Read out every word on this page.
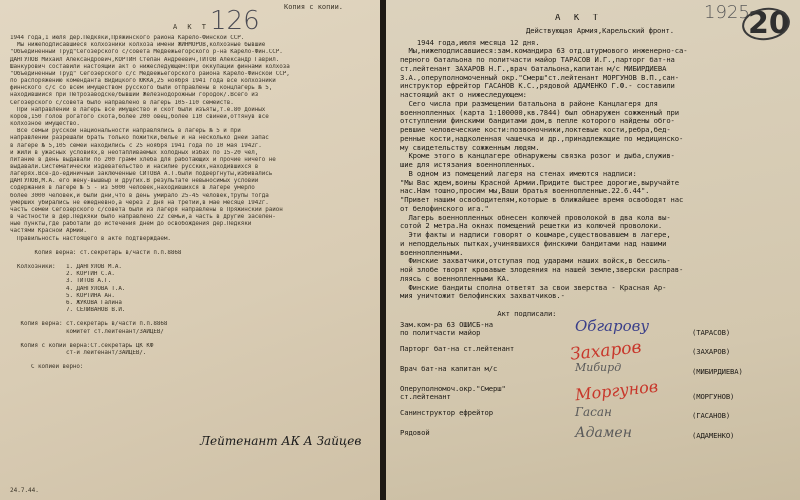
Копия с копии.
126
А К Т
1944 года,1 июля дер.Педкяки,Пряжинского района Карело-Финской ССР.
Мы нижеподписавшиеся колхозники колхоза имени ЖИНМОРОВ,колхозные бывшие
"Объединенный Труд"Сегозерского с/совета Медвежьегорского р-на Карело-Фин.ССР.
ДАНГУЛОВ Михаил Александрович,КОРТИН Степан Андреевич,ТИТОВ Александр Гаврил.
Шанкурович составили настоящий акт о нижеследующем:При оккупации финнами колхоза
"Объединенный Труд" Сегозерского с/с Медвежьегорского района Карело-Финской ССР,
по распоряжению коменданта Видицкого ЮККА,25 ноября 1941 года все колхозники
финнского с/с со всем имуществом русского были отправлены в концлагерь № 5,
находившийся при Петрозаводске/бывший Железнодорожный городок/.Всего из
Сегозерского с/совета было направлено в лагерь 105-110 семейств.
При направлении в лагерь все имущество и скот были изъяты,т.е.80 дойных
коров,150 голов рогатого скота,более 200 овец,более 110 свиней,оттянув все
колхозное имущество.
Все семьи русской национальности направлялись в лагерь № 5 и при
направлении разрешали брать только пожитки,белье и на несколько дней запас
в лагере № 5,105 семей находились с 25 ноября 1941 года по 10 мая 1942г.
и жили в ужасных условиях,в неотапливаемых холодных избах по 15-20 чел,
питание в день выдавали по 200 грамм хлеба для работающих и прочие ничего не
выдавали.Систематически издевательство и насилие русских,находившихся в
лагерях.Все-до-единичный заключенные СИТОВА А.Т.были подвергнуты,избивались
ДАНГУЛОВ,М.А. его жену-вышвыр и других.В результате невыносимых условий
содержания в лагере № 5 - из 5000 человек,находившихся в лагере умерло
более 3000 человек,и были дни,что в день умирало 25-45 человек,трупы тогда
умерших убирались не ежедневно,а через 2 дня на третий,в мае месяце 1942г.
часть семей Сегозерского с/совета были из лагеря направлены в Пряжинский район
в частности в дер.Педкяки было направлено 22 семьи,а часть в другие заселен-
ные пункты,где работали до истечения днем до освобождения дер.Педкяки
частями Красной Армии.
Правильность настоящего в акте подтверждаем.

Копия верна: ст.секретарь в/части п.п.8868

Колхозники:   1. ДАНГУЛОВ М.А.
2. КОРТИН С.А.
3. ТИТОВ А.Г.
4. ДАНГУЛОВА Т.А.
5. КОРТИНА Ан.
6. ЖУКОВА Галина
7. СЕЛИВАНОВ В.И.

Копия верна: ст.секретарь в/части п.п.8868
комитет ст.лейтенант/ЗАЙЦЕВ/

Копия с копии верна:Ст.секретарь ЦК КФ
ст-й лейтенант/ЗАЙЦЕВ/.

С копией верно:
Лейтенант АК А Зайцев
24.7.44.
1925
20
А К Т
Действующая Армия,Карельский фронт.
1944 года,июля месяца 12 дня.
Мы,нижеподписавшиеся:зам.командира 63 отд.штурмового инженерно-са-
перного батальона по политчасти майор ТАРАСОВ И.Г.,парторг бат-на
ст.лейтенант ЗАХАРОВ Н.Г.,врач батальона,капитан м/с МИБИРДИЕВА
З.А.,оперуполномоченный окр."Смерш"ст.лейтенант МОРГУНОВ В.П.,сан-
инструктор ефрейтор ГАСАНОВ К.С.,рядовой АДАМЕНКО Г.Ф.- составили
настоящий акт о нижеследующем:
Сего числа при размещении батальона в районе Канцлагеря для
военнопленных (карта 1:100000,кв.7844) был обнаружен сожженный при
отступлении финскими бандитами дом,в пепле которого найдены обго-
ревшие человеческие кости:позвоночники,локтевые кости,ребра,бед-
ренные кости,надколенная чашечка и др.,принадлежащие по медицинско-
му свидетельству сожженным людям.
Кроме этого в канцлагере обнаружены связка розог и дыба,служив-
шие для истязания военнопленных.
В одном из помещений лагеря на стенах имеются надписи:
"Мы Вас ждем,воины Красной Армии.Придите быстрее дорогие,выручайте
нас.Нам тошно,просим мы,Ваши братья военнопленные.22.6.44".
"Привет нашим освободителям,которые в ближайшее время освободят нас
от белофинского ига."
Лагерь военнопленных обнесен колючей проволокой в два кола вы-
сотой 2 метра.На окнах помещений решетки из колючей проволоки.
Эти факты и надписи говорят о кошмаре,существовавшем в лагере,
и неподдельных пытках,учинявшихся финскими бандитами над нашими
военнопленными.
Финские захватчики,отступая под ударами наших войск,в бессиль-
ной злобе творят кровавые злодеяния на нашей земле,зверски расправ-
ляясь с военнопленными КА.
Финские бандиты сполна ответят за свои зверства - Красная Ар-
мия уничтожит белофинских захватчиков.-

Акт подписали:
Зам.ком-ра 63 ОШИСБ-на
по политчасти майор	(ТАРАСОВ)
Обгарову
Парторг бат-на ст.лейтенант	(ЗАХАРОВ)
Захаров
Врач бат-на капитан м/с	(МИБИРДИЕВА)
Мибирд
Оперуполномоч.окр."Смерш"
ст.лейтенант	(МОРГУНОВ)
Моргунов
Санинструктор ефрейтор	(ГАСАНОВ)
Гасан
Рядовой	(АДАМЕНКО)
Адамен
